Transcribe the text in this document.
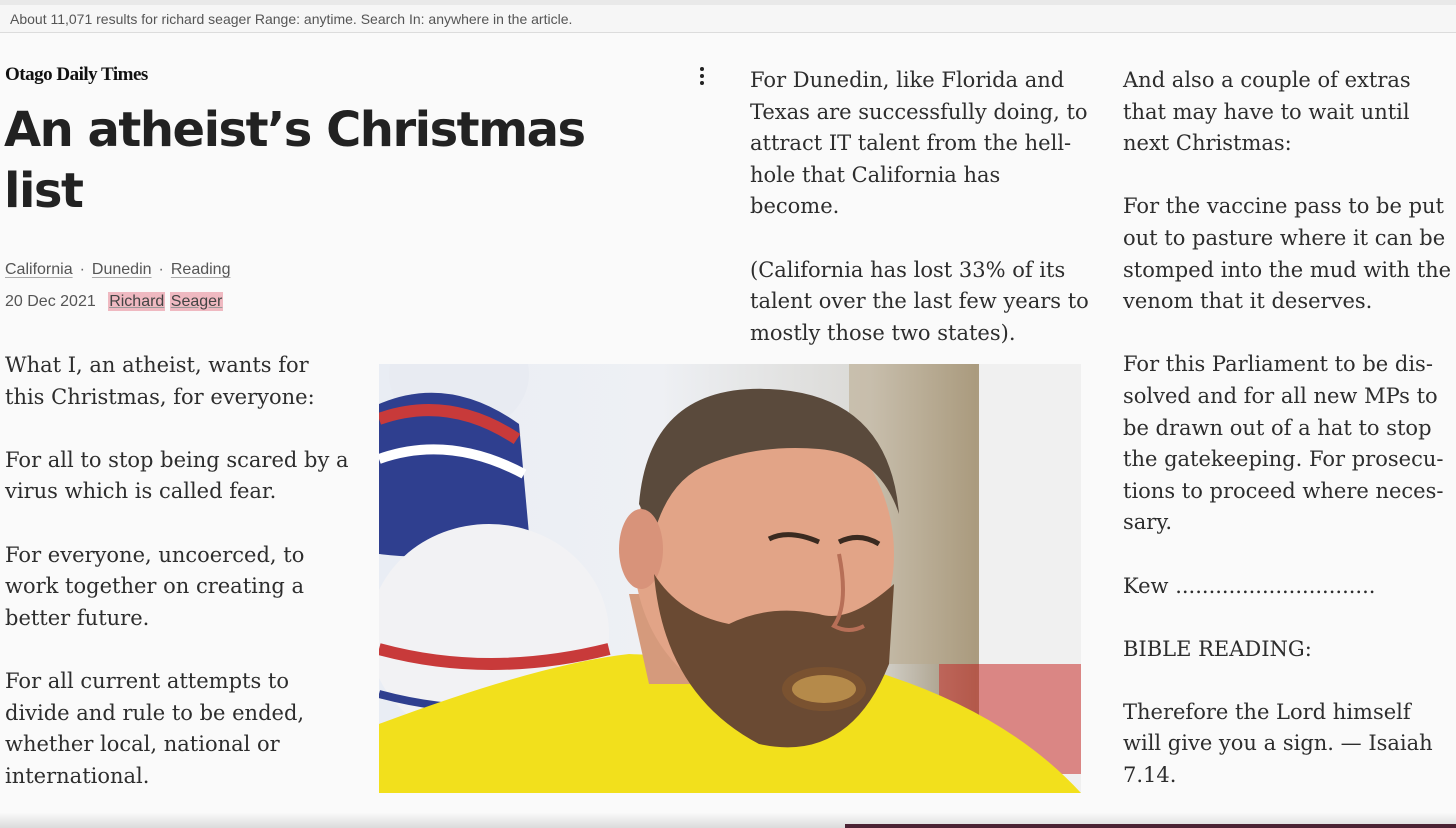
About 11,071 results for richard seager Range: anytime. Search In: anywhere in the article.
Otago Daily Times
An atheist’s Christmas list
California · Dunedin · Reading
20 Dec 2021 Richard Seager

What I, an atheist, wants for this Christmas, for everyone:

For all to stop being scared by a virus which is called fear.

For everyone, uncoerced, to work together on creating a better future.

For all current attempts to divide and rule to be ended, whether local, national or international.

For Dunedin, like Florida and Texas are successfully doing, to attract IT talent from the hell-hole that California has become.

(California has lost 33% of its talent over the last few years to mostly those two states).

And also a couple of extras that may have to wait until next Christmas:

For the vaccine pass to be put out to pasture where it can be stomped into the mud with the venom that it deserves.

For this Parliament to be dis-solved and for all new MPs to be drawn out of a hat to stop the gatekeeping. For prosecu-tions to proceed where neces-sary.

Kew ..............................

BIBLE READING:

Therefore the Lord himself will give you a sign. — Isaiah 7.14.
